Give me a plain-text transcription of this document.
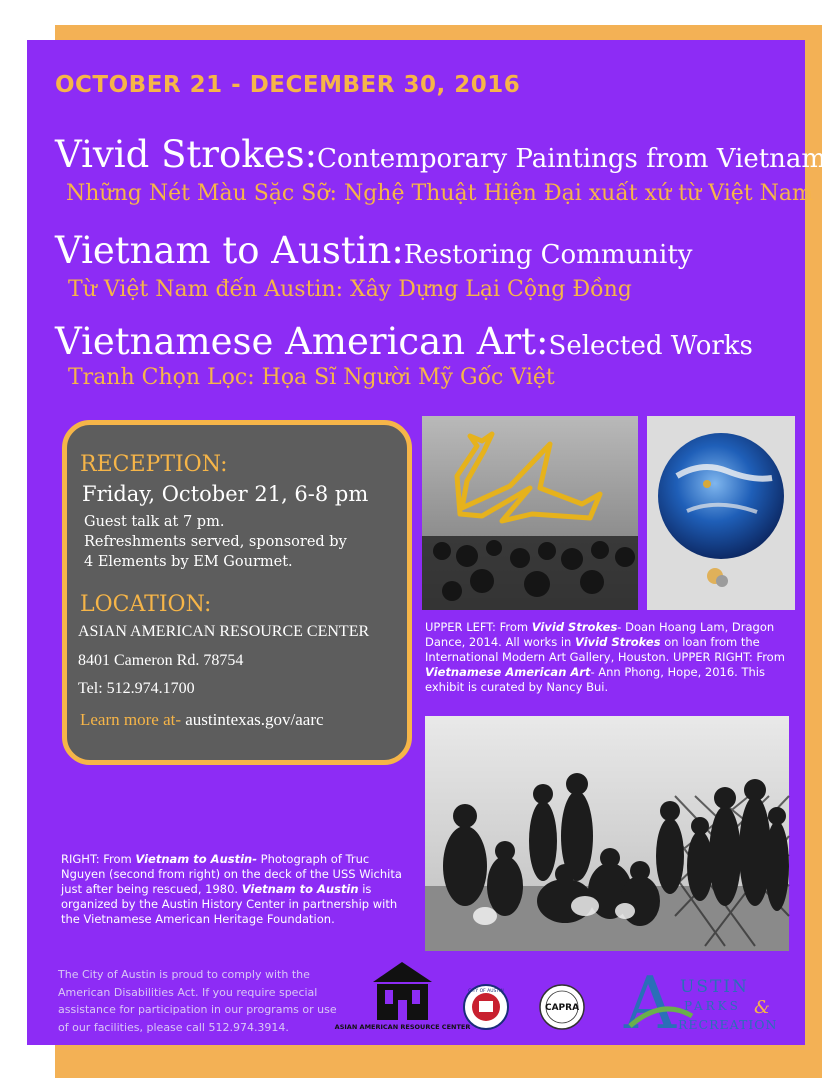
OCTOBER 21 - DECEMBER 30, 2016
Vivid Strokes:Contemporary Paintings from Vietnam
Những Nét Màu Sặc Sỡ: Nghệ Thuật Hiện Đại xuất xứ từ Việt Nam
Vietnam to Austin:Restoring Community
Từ Việt Nam đến Austin: Xây Dựng Lại Cộng Đồng
Vietnamese American Art:Selected Works
Tranh Chọn Lọc: Họa Sĩ Người Mỹ Gốc Việt
RECEPTION:
Friday, October 21, 6-8 pm
Guest talk at 7 pm.
Refreshments served, sponsored by
4 Elements by EM Gourmet.
LOCATION:
ASIAN AMERICAN RESOURCE CENTER
8401 Cameron Rd. 78754
Tel: 512.974.1700
Learn more at- austintexas.gov/aarc
UPPER LEFT: From Vivid Strokes- Doan Hoang Lam, Dragon Dance, 2014. All works in Vivid Strokes on loan from the International Modern Art Gallery, Houston. UPPER RIGHT: From Vietnamese American Art- Ann Phong, Hope, 2016. This exhibit is curated by Nancy Bui.
RIGHT: From Vietnam to Austin- Photograph of Truc Nguyen (second from right) on the deck of the USS Wichita just after being rescued, 1980. Vietnam to Austin is organized by the Austin History Center in partnership with the Vietnamese American Heritage Foundation.
The City of Austin is proud to comply with the American Disabilities Act. If you require special assistance for participation in our programs or use of our facilities, please call 512.974.3914.	ASIAN AMERICAN RESOURCE CENTER
CITY OF AUSTIN
CAPRA A USTIN
PARKS &
RECREATION
